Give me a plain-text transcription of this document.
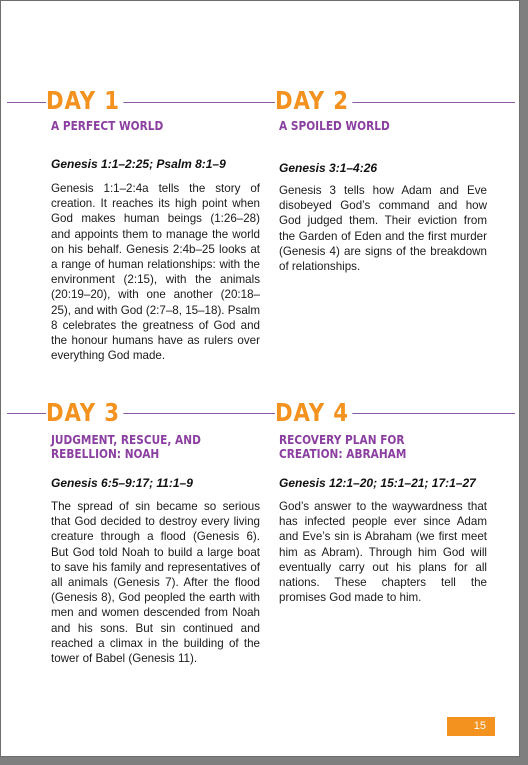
DAY 1
A PERFECT WORLD
Genesis 1:1–2:25; Psalm 8:1–9
Genesis 1:1–2:4a tells the story of creation. It reaches its high point when God makes human beings (1:26–28) and appoints them to manage the world on his behalf. Genesis 2:4b–25 looks at a range of human relationships: with the environment (2:15), with the animals (20:19–20), with one another (20:18–25), and with God (2:7–8, 15–18). Psalm 8 celebrates the greatness of God and the honour humans have as rulers over everything God made.
DAY 2
A SPOILED WORLD
Genesis 3:1–4:26
Genesis 3 tells how Adam and Eve disobeyed God’s command and how God judged them. Their eviction from the Garden of Eden and the first murder (Genesis 4) are signs of the breakdown of relationships.
DAY 3
JUDGMENT, RESCUE, AND REBELLION: NOAH
Genesis 6:5–9:17; 11:1–9
The spread of sin became so serious that God decided to destroy every living creature through a flood (Genesis 6). But God told Noah to build a large boat to save his family and representatives of all animals (Genesis 7). After the flood (Genesis 8), God peopled the earth with men and women descended from Noah and his sons. But sin continued and reached a climax in the building of the tower of Babel (Genesis 11).
DAY 4
RECOVERY PLAN FOR CREATION: ABRAHAM
Genesis 12:1–20; 15:1–21; 17:1–27
God’s answer to the waywardness that has infected people ever since Adam and Eve’s sin is Abraham (we first meet him as Abram). Through him God will eventually carry out his plans for all nations. These chapters tell the promises God made to him.
15
